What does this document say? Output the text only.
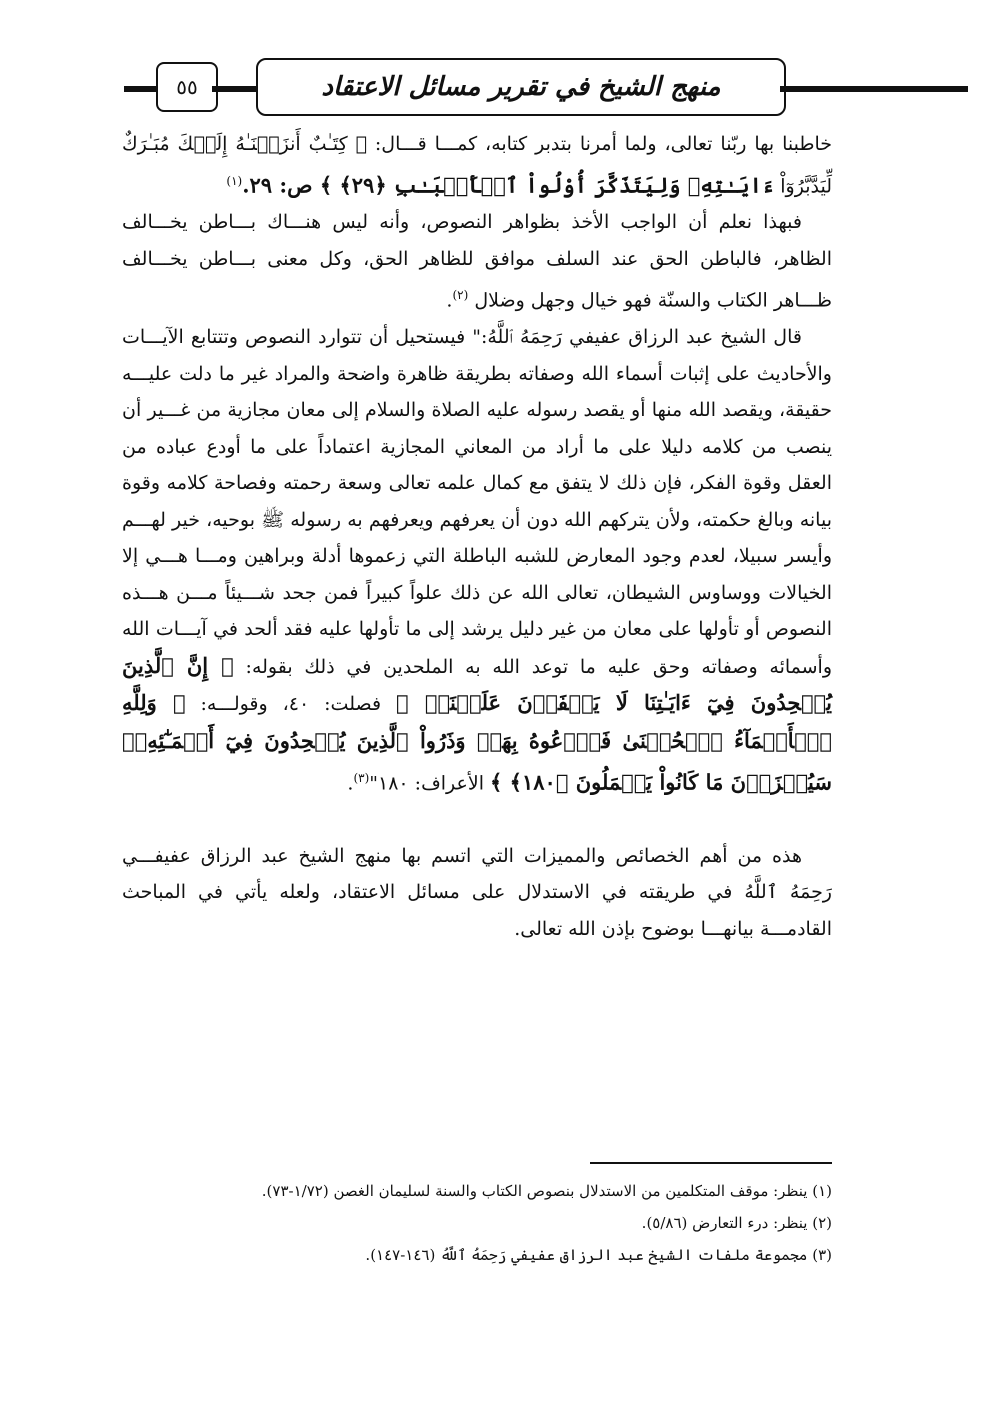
٥٥	منهج الشيخ في تقرير مسائل الاعتقاد

خاطبنا بها ربّنا تعالى، ولما أمرنا بتدبر كتابه، كمـــا قـــال: ﴿ كِتَـٰبٌ أَنزَلۡنَـٰهُ إِلَيۡكَ مُبَـٰرَكٌ لِّيَدَّبَّرُوٓاْ ءَايَـٰتِهِۦ وَلِيَتَذَكَّرَ أُوْلُواْ ٱلۡأَلۡبَـٰبِ ﴿٢٩﴾ ﴾ ص: ٢٩.$^{(١)}$

فبهذا نعلم أن الواجب الأخذ بظواهر النصوص، وأنه ليس هنـــاك بـــاطن يخـــالف الظاهر، فالباطن الحق عند السلف موافق للظاهر الحق، وكل معنى بـــاطن يخـــالف ظـــاهر الكتاب والسنّة فهو خيال وجهل وضلال $^{(٢)}$.

قال الشيخ عبد الرزاق عفيفي رَحِمَهُ ٱللَّهُ:" فيستحيل أن تتوارد النصوص وتتتابع الآيـــات والأحاديث على إثبات أسماء الله وصفاته بطريقة ظاهرة واضحة والمراد غير ما دلت عليـــه حقيقة، ويقصد الله منها أو يقصد رسوله عليه الصلاة والسلام إلى معان مجازية من غـــير أن ينصب من كلامه دليلا على ما أراد من المعاني المجازية اعتماداً على ما أودع عباده من العقل وقوة الفكر، فإن ذلك لا يتفق مع كمال علمه تعالى وسعة رحمته وفصاحة كلامه وقوة بيانه وبالغ حكمته، ولأن يتركهم الله دون أن يعرفهم ويعرفهم به رسوله ﷺ بوحيه، خير لهـــم وأيسر سبيلا، لعدم وجود المعارض للشبه الباطلة التي زعموها أدلة وبراهين ومـــا هـــي إلا الخيالات ووساوس الشيطان، تعالى الله عن ذلك علواً كبيراً فمن جحد شـــيئاً مـــن هـــذه النصوص أو تأولها على معان من غير دليل يرشد إلى ما تأولها عليه فقد ألحد في آيـــات الله وأسمائه وصفاته وحق عليه ما توعد الله به الملحدين في ذلك بقوله: ﴿ إِنَّ ٱلَّذِينَ يُلۡحِدُونَ فِيٓ ءَايَـٰتِنَا لَا يَخۡفَوۡنَ عَلَيۡنَآۗ ﴾ فصلت: ٤٠، وقولـــه: ﴿ وَلِلَّهِ ٱلۡأَسۡمَآءُ ٱلۡحُسۡنَىٰ فَٱدۡعُوهُ بِهَاۖ وَذَرُواْ ٱلَّذِينَ يُلۡحِدُونَ فِيٓ أَسۡمَـٰٓئِهِۦۚ سَيُجۡزَوۡنَ مَا كَانُواْ يَعۡمَلُونَ ﴿١٨٠﴾ ﴾ الأعراف: ١٨٠"$^{(٣)}$.

هذه من أهم الخصائص والمميزات التي اتسم بها منهج الشيخ عبد الرزاق عفيفـــي رَحِمَهُ ٱللَّهُ في طريقته في الاستدلال على مسائل الاعتقاد، ولعله يأتي في المباحث القادمـــة بيانهـــا بوضوح بإذن الله تعالى.

(١) ينظر: موقف المتكلمين من الاستدلال بنصوص الكتاب والسنة لسليمان الغصن (١/٧٢-٧٣).

(٢) ينظر: درء التعارض (٥/٨٦).

(٣) مجموعة ملفات الشيخ عبد الرزاق عفيفي رَحِمَهُ ٱللَّهُ (١٤٦-١٤٧).
